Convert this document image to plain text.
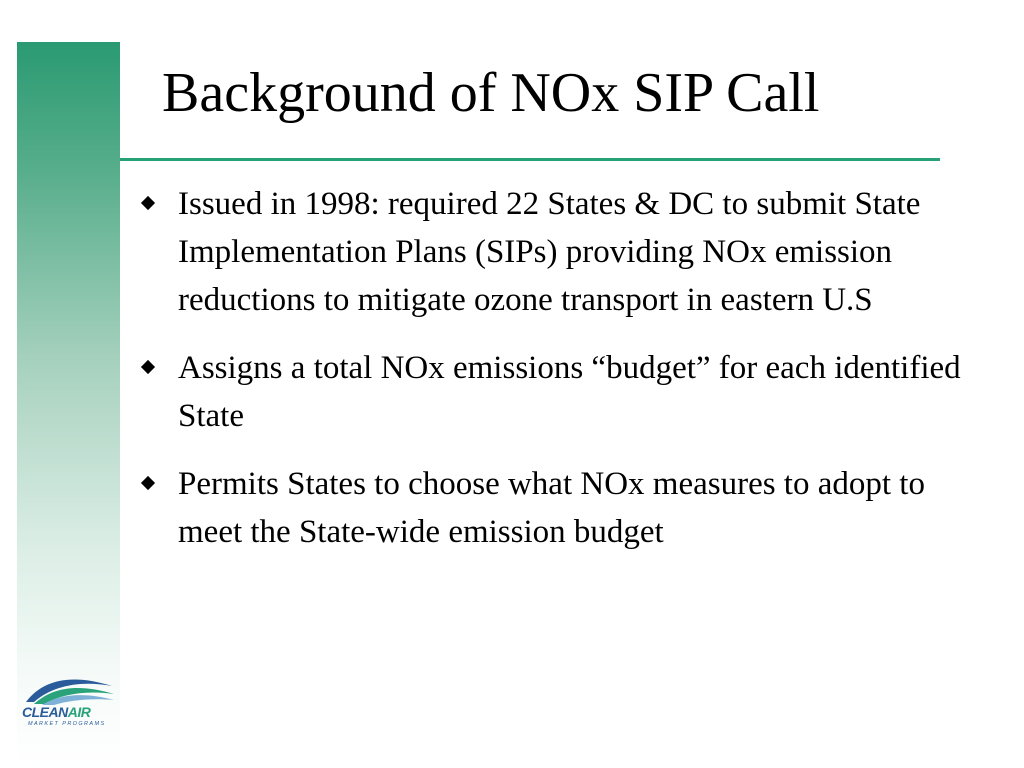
Background of NOx SIP Call
Issued in 1998: required 22 States & DC to submit State Implementation Plans (SIPs) providing NOx emission reductions to mitigate ozone transport in eastern U.S
Assigns a total NOx emissions “budget” for each identified State
Permits States to choose what NOx measures to adopt to meet the State-wide emission budget
CLEANAIR
MARKET PROGRAMS
